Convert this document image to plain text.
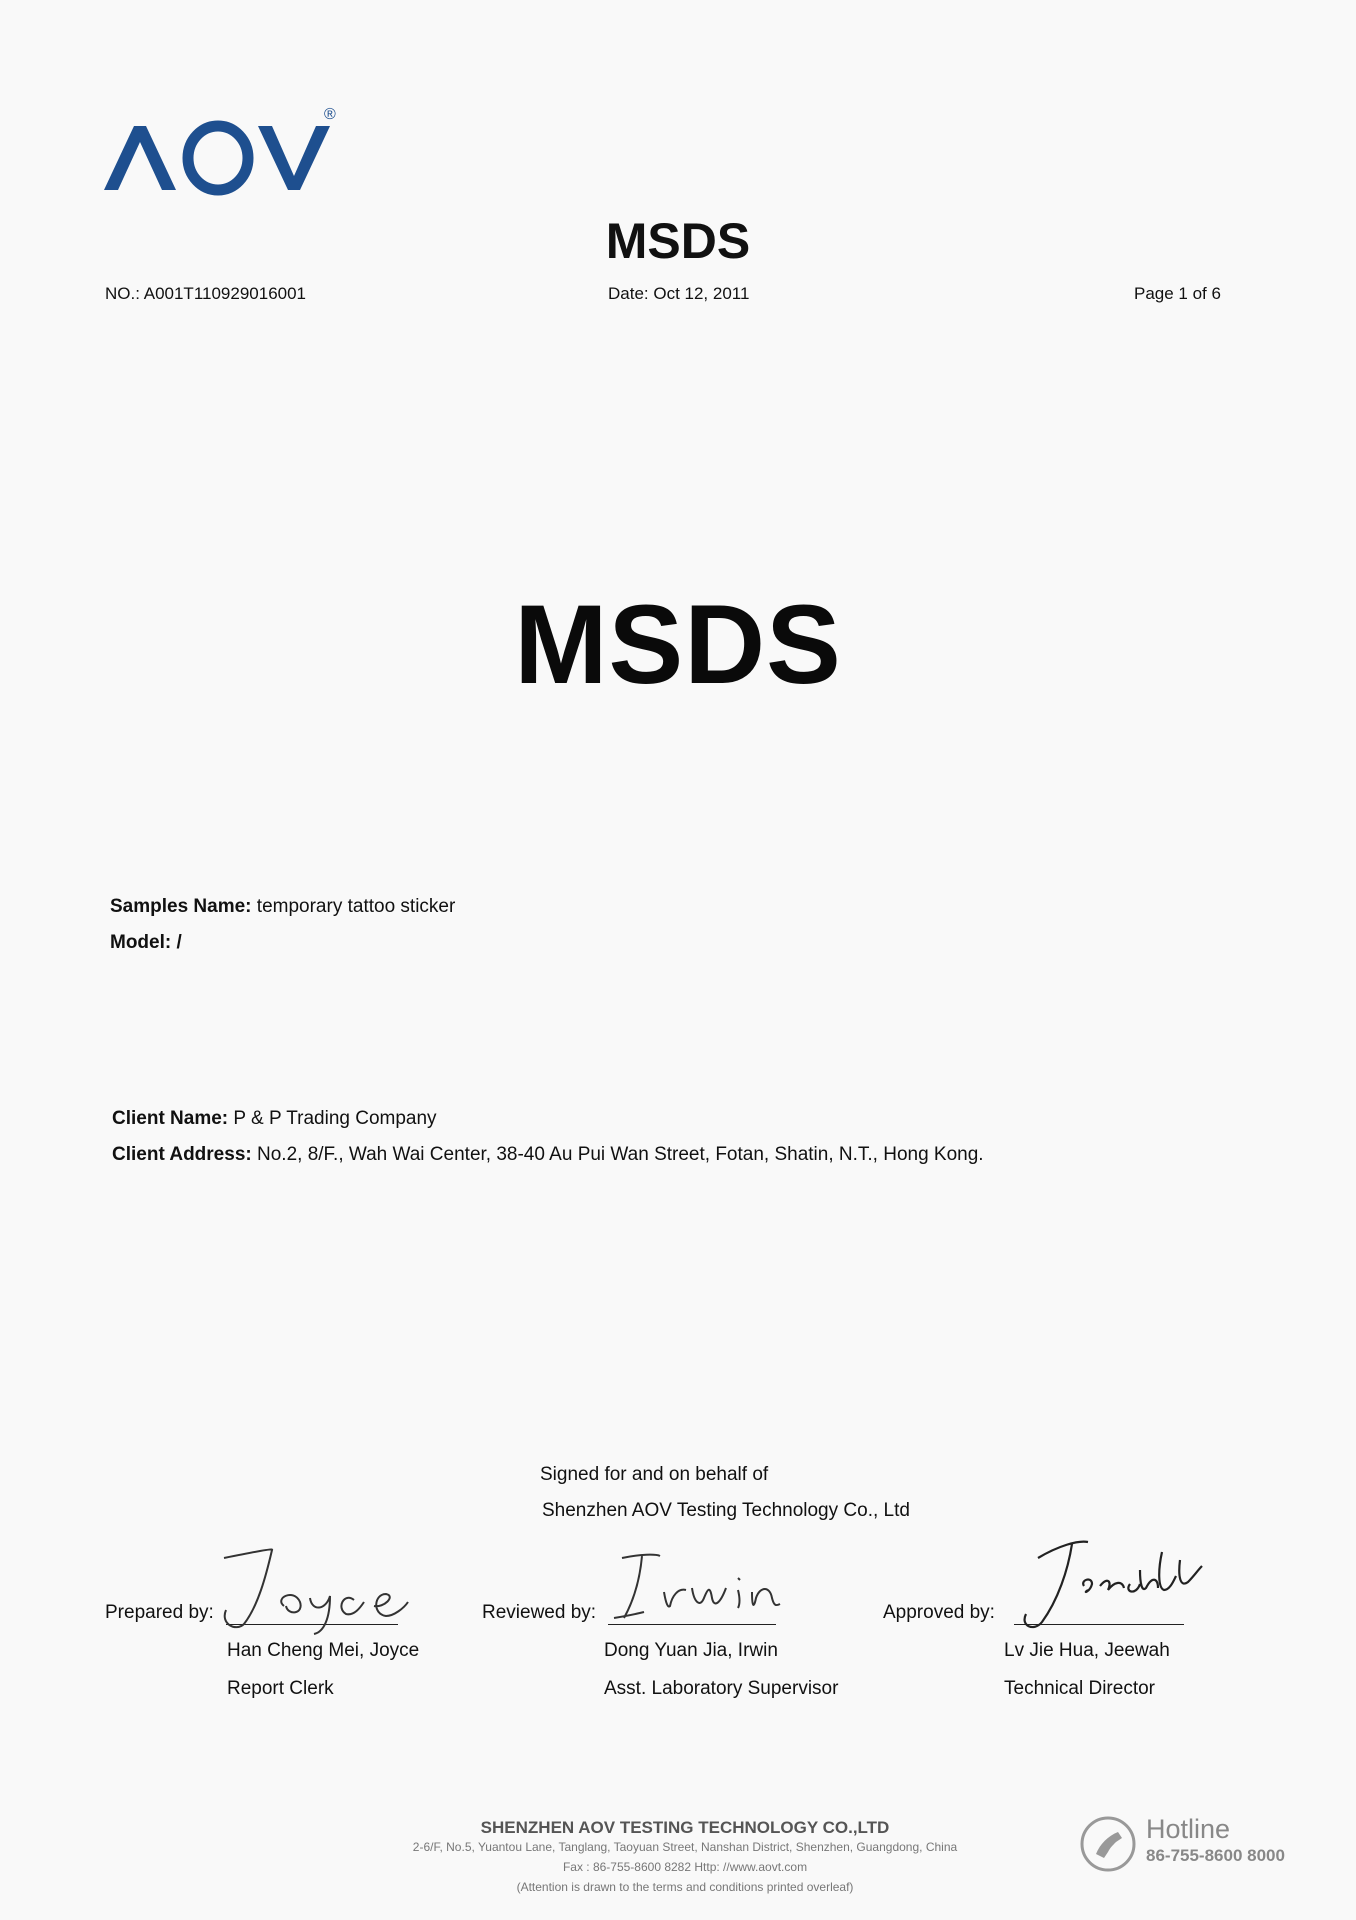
®
MSDS
NO.: A001T110929016001	Date: Oct 12, 2011	Page 1 of 6
MSDS
Samples Name: temporary tattoo sticker
Model: /
Client Name: P & P Trading Company
Client Address: No.2, 8/F., Wah Wai Center, 38-40 Au Pui Wan Street, Fotan, Shatin, N.T., Hong Kong.
Signed for and on behalf of
Shenzhen AOV Testing Technology Co., Ltd
Prepared by:
Han Cheng Mei, Joyce
Report Clerk
Reviewed by:
Dong Yuan Jia, Irwin
Asst. Laboratory Supervisor
Approved by:
Lv Jie Hua, Jeewah
Technical Director
SHENZHEN AOV TESTING TECHNOLOGY CO.,LTD
2-6/F, No.5, Yuantou Lane, Tanglang, Taoyuan Street, Nanshan District, Shenzhen, Guangdong, China
Fax : 86-755-8600 8282 Http: //www.aovt.com
(Attention is drawn to the terms and conditions printed overleaf)
Hotline
86-755-8600 8000
